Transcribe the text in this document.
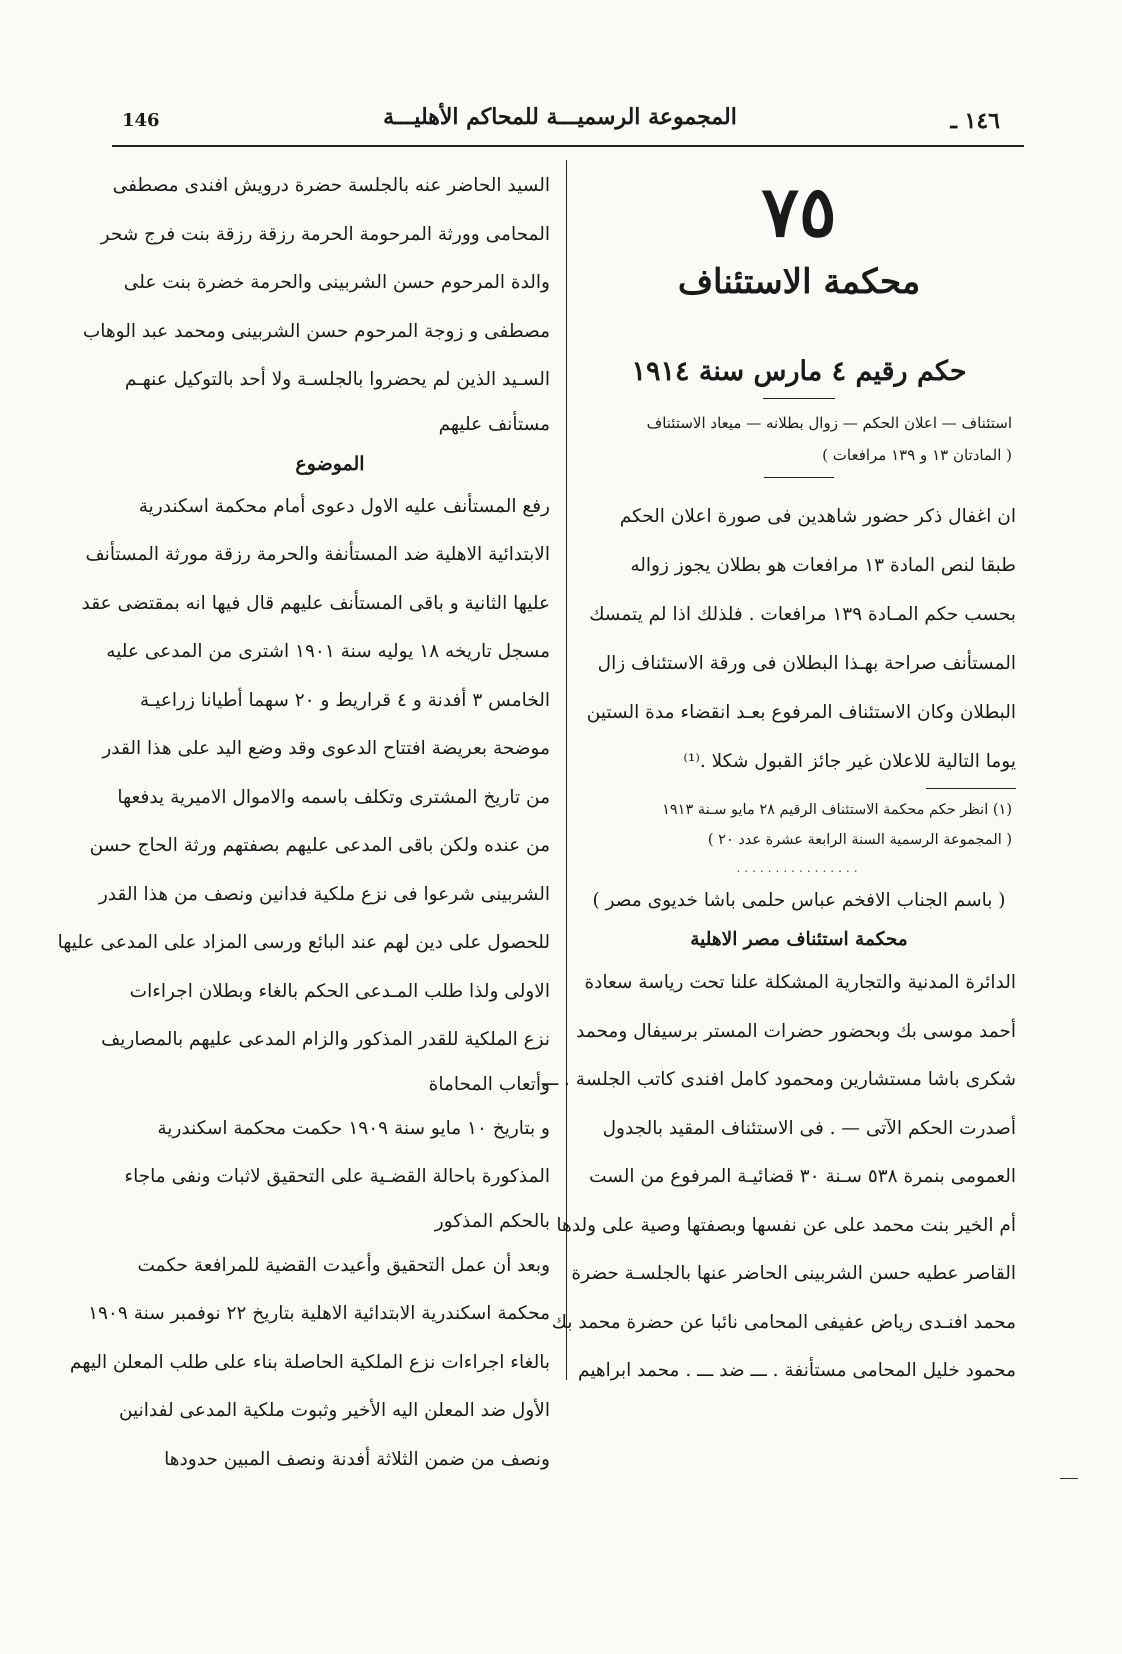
146	المجموعة الرسميـــة للمحاكم الأهليـــة	١٤٦ ـ
٧٥
محكمة الاستئناف
حكم رقيم ٤ مارس سنة ١٩١٤
استئناف — اعلان الحكم — زوال بطلانه — ميعاد الاستئناف
( المادتان ١٣ و ١٣٩ مرافعات )
ان اغفال ذكر حضور شاهدين فى صورة اعلان الحكم
طبقا لنص المادة ١٣ مرافعات هو بطلان يجوز زواله
بحسب حكم المـادة ١٣٩ مرافعات . فلذلك اذا لم يتمسك
المستأنف صراحة بهـذا البطلان فى ورقة الاستئناف زال
البطلان وكان الاستئناف المرفوع بعـد انقضاء مدة الستين
يوما التالية للاعلان غير جائز القبول شكلا .⁽¹⁾
(١) انظر حكم محكمة الاستئناف الرقيم ٢٨ مايو سـنة ١٩١٣
( المجموعة الرسمية السنة الرابعة عشرة عدد ٢٠ )
................
( باسم الجناب الافخم عباس حلمى باشا خديوى مصر )
محكمة استئناف مصر الاهلية
الدائرة المدنية والتجارية المشكلة علنا تحت رياسة سعادة
أحمد موسى بك وبحضور حضرات المستر برسيفال ومحمد
شكرى باشا مستشارين ومحمود كامل افندى كاتب الجلسة . ـــ
أصدرت الحكم الآتى — . فى الاستئناف المقيد بالجدول
العمومى بنمرة ٥٣٨ سـنة ٣٠ قضائيـة المرفوع من الست
أم الخير بنت محمد على عن نفسها وبصفتها وصية على ولدها
القاصر عطيه حسن الشربينى الحاضر عنها بالجلسـة حضرة
محمد افنـدى رياض عفيفى المحامى نائبا عن حضرة محمد بك
محمود خليل المحامى مستأنفة . ـــ ضد ـــ . محمد ابراهيم
السيد الحاضر عنه بالجلسة حضرة درويش افندى مصطفى
المحامى وورثة المرحومة الحرمة رزقة رزقة بنت فرج شحر
والدة المرحوم حسن الشربينى والحرمة خضرة بنت على
مصطفى و زوجة المرحوم حسن الشربينى ومحمد عبد الوهاب
السـيد الذين لم يحضروا بالجلسـة ولا أحد بالتوكيل عنهـم
مستأنف عليهم
الموضوع
رفع المستأنف عليه الاول دعوى أمام محكمة اسكندرية
الابتدائية الاهلية ضد المستأنفة والحرمة رزقة مورثة المستأنف
عليها الثانية و باقى المستأنف عليهم قال فيها انه بمقتضى عقد
مسجل تاريخه ١٨ يوليه سنة ١٩٠١ اشترى من المدعى عليه
الخامس ٣ أفدنة و ٤ قراريط و ٢٠ سهما أطيانا زراعيـة
موضحة بعريضة افتتاح الدعوى وقد وضع اليد على هذا القدر
من تاريخ المشترى وتكلف باسمه والاموال الاميرية يدفعها
من عنده ولكن باقى المدعى عليهم بصفتهم ورثة الحاج حسن
الشربينى شرعوا فى نزع ملكية فدانين ونصف من هذا القدر
للحصول على دين لهم عند البائع ورسى المزاد على المدعى عليها
الاولى ولذا طلب المـدعى الحكم بالغاء وبطلان اجراءات
نزع الملكية للقدر المذكور والزام المدعى عليهم بالمصاريف
وأتعاب المحاماة
و بتاريخ ١٠ مايو سنة ١٩٠٩ حكمت محكمة اسكندرية
المذكورة باحالة القضـية على التحقيق لاثبات ونفى ماجاء
بالحكم المذكور
وبعد أن عمل التحقيق وأعيدت القضية للمرافعة حكمت
محكمة اسكندرية الابتدائية الاهلية بتاريخ ٢٢ نوفمبر سنة ١٩٠٩
بالغاء اجراءات نزع الملكية الحاصلة بناء على طلب المعلن اليهم
الأول ضد المعلن اليه الأخير وثبوت ملكية المدعى لفدانين
ونصف من ضمن الثلاثة أفدنة ونصف المبين حدودها
